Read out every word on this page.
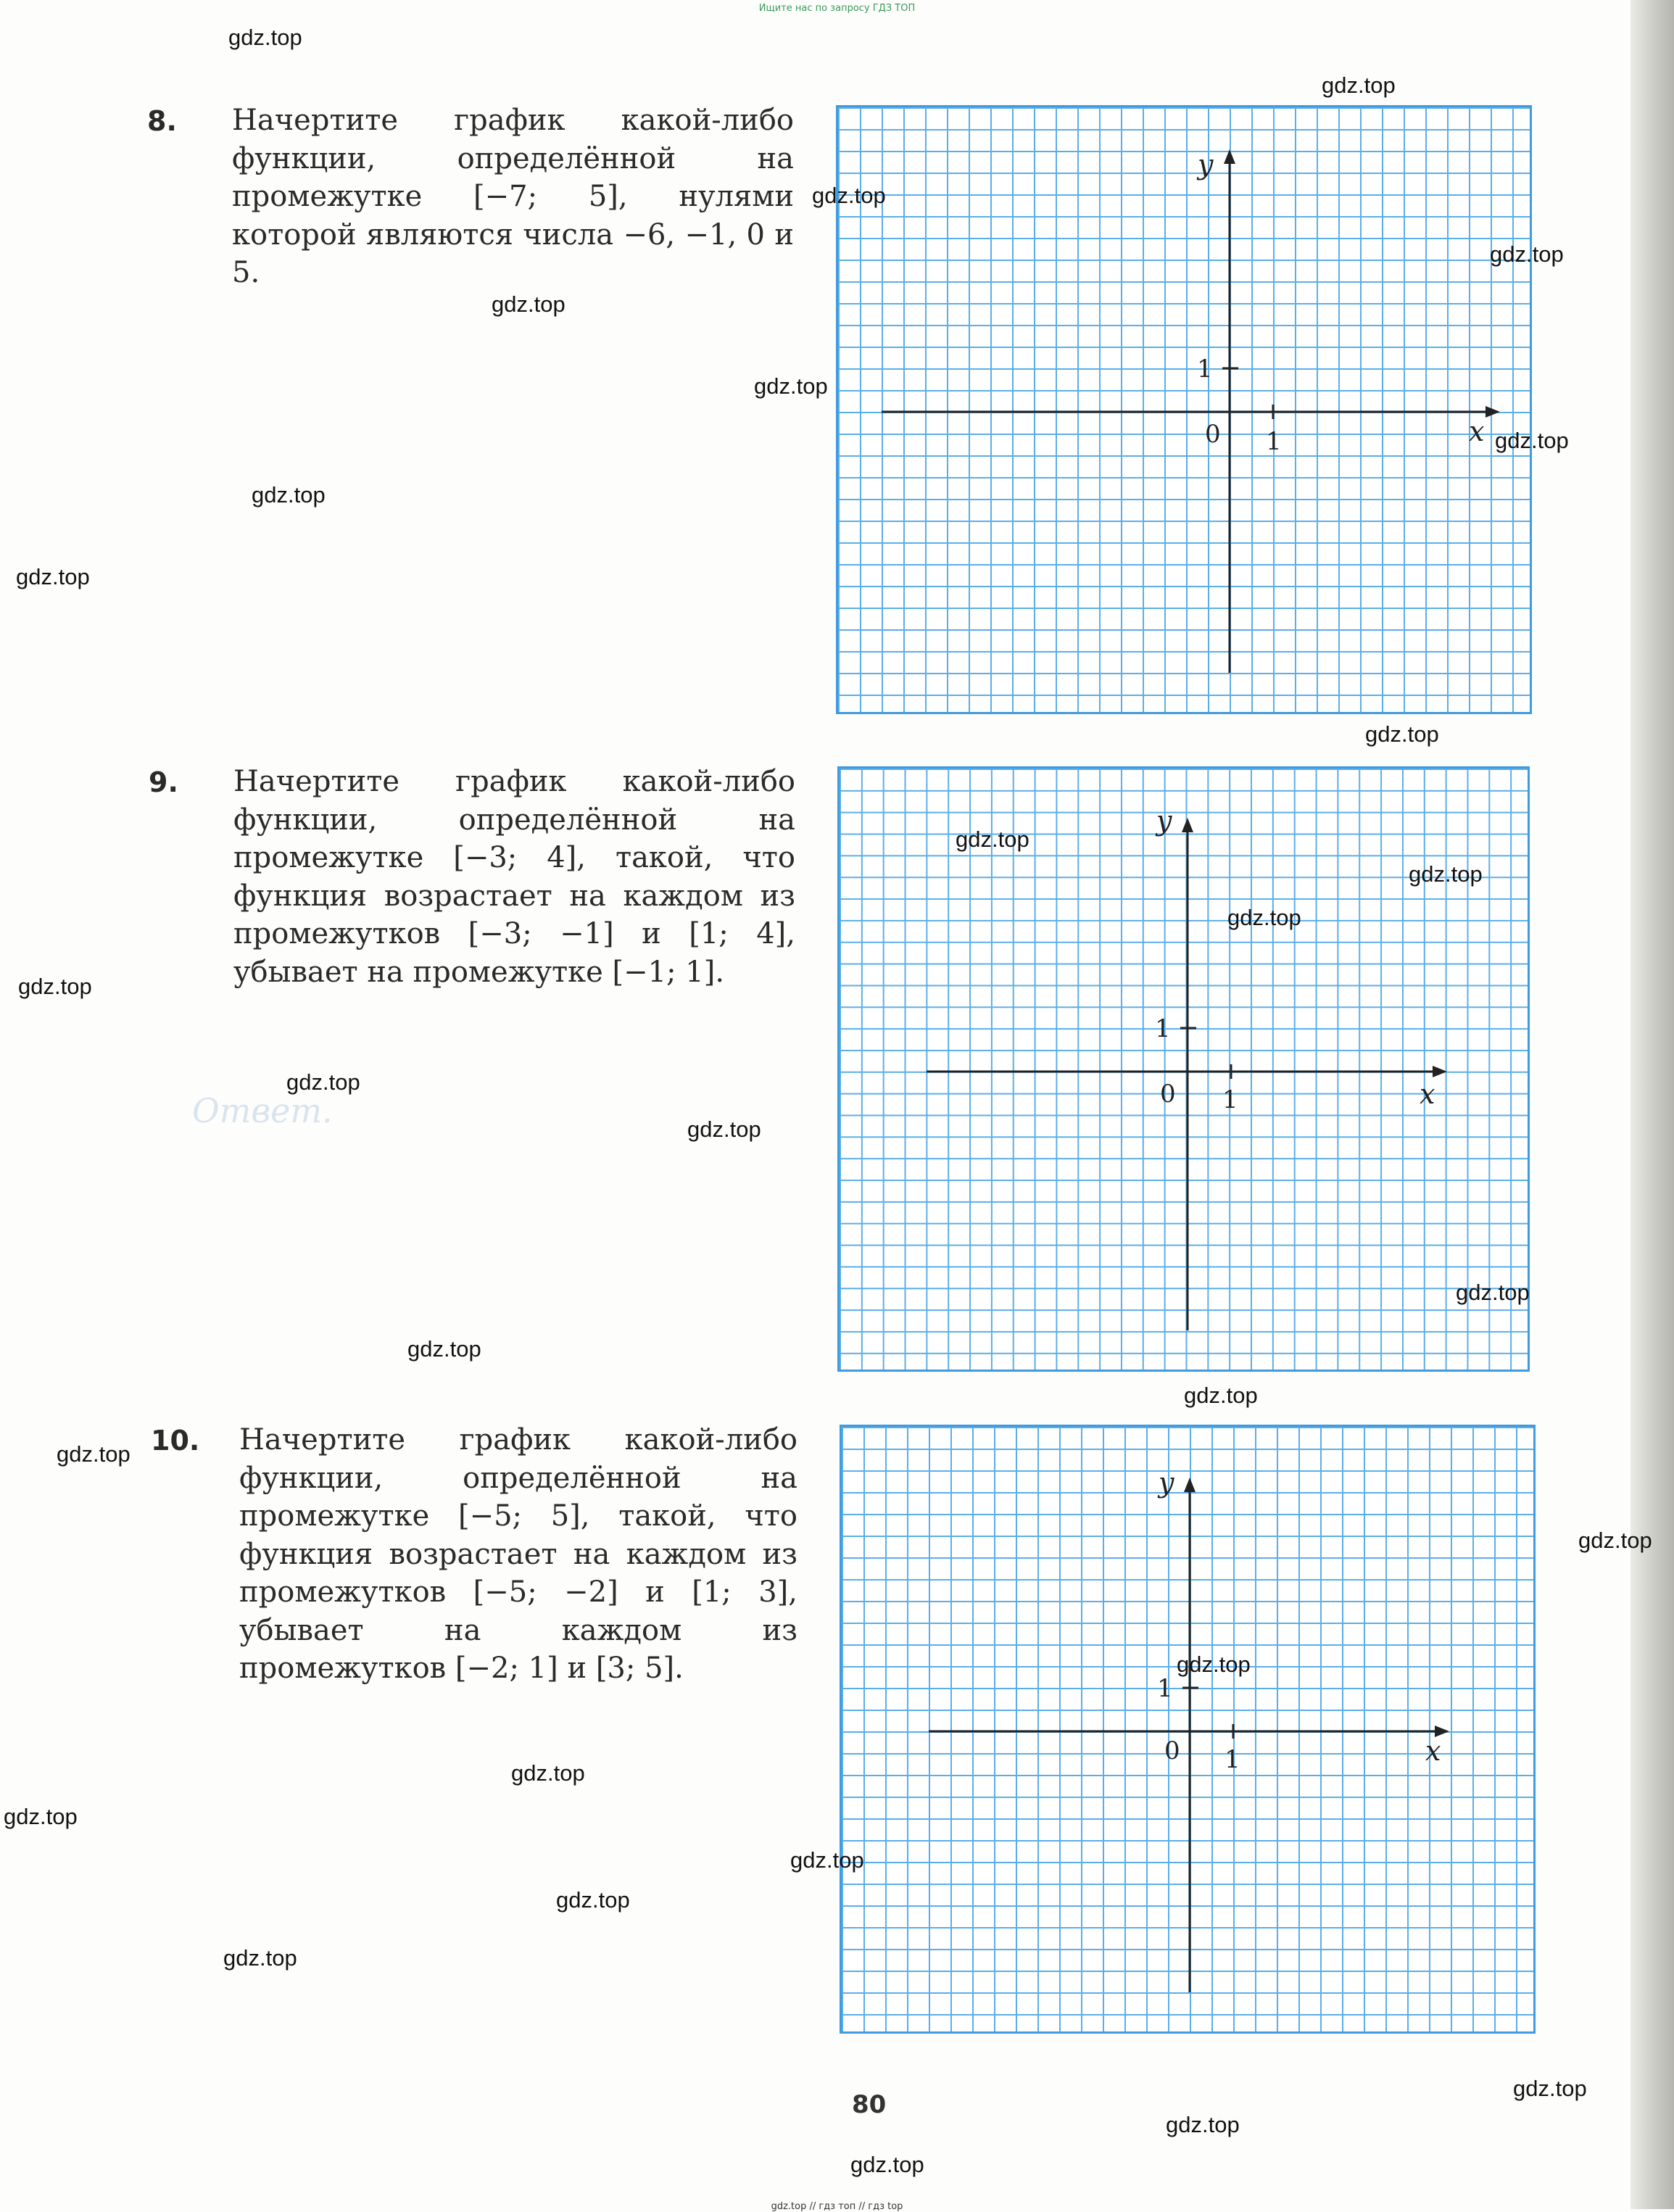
Ищите нас по запросу ГДЗ ТОП
Ответ.
8. Начертите график какой-либо функции, определённой на промежутке [−7; 5], нулями которой являются числа −6, −1, 0 и 5.

x
y
0 1
1
9. Начертите график какой-либо функции, определённой на промежутке [−3; 4], такой, что функция возрастает на каждом из промежутков [−3; −1] и [1; 4], убывает на промежутке [−1; 1].

x
y
0 1
1
10. Начертите график какой-либо функции, определённой на промежутке [−5; 5], такой, что функция возрастает на каждом из промежутков [−5; −2] и [1; 3], убывает на каждом из промежутков [−2; 1] и [3; 5].

x
y
0 1
1
gdz.top
gdz.top
gdz.top
gdz.top
gdz.top
gdz.top
gdz.top
gdz.top
gdz.top
gdz.top
gdz.top
gdz.top
gdz.top
gdz.top
gdz.top
gdz.top
gdz.top
gdz.top
gdz.top
gdz.top
gdz.top
gdz.top
gdz.top
gdz.top
gdz.top
gdz.top
gdz.top
gdz.top
gdz.top
gdz.top
80
gdz.top // гдз топ // гдз top
